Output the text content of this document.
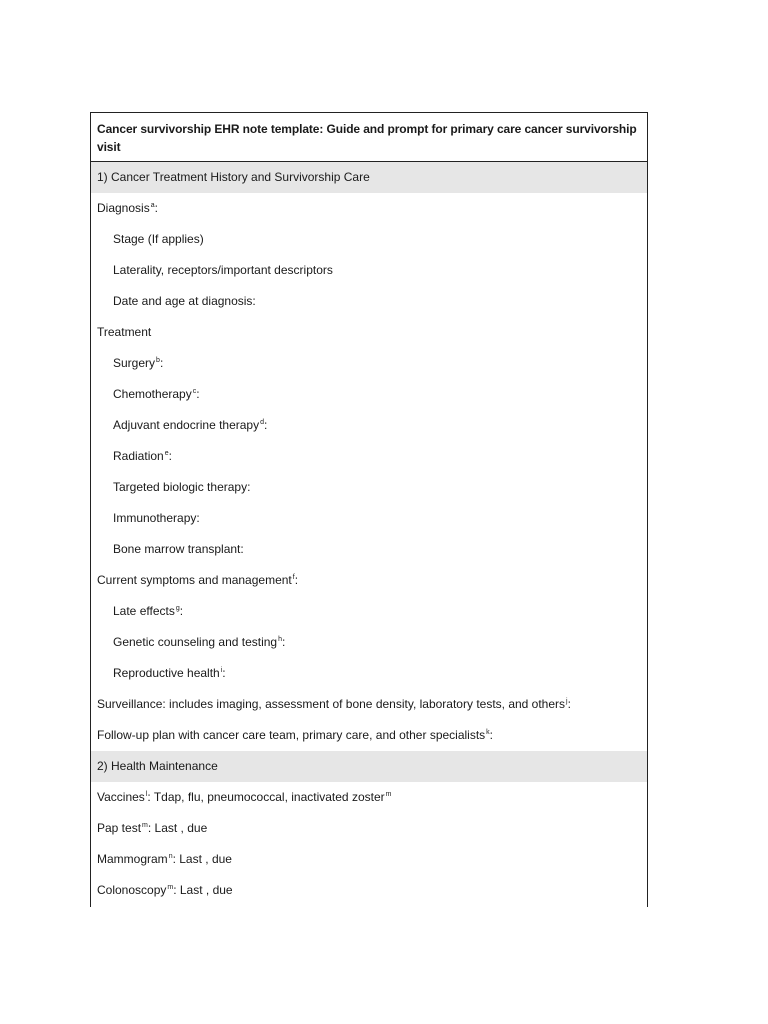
Cancer survivorship EHR note template: Guide and prompt for primary care cancer survivorship visit
1) Cancer Treatment History and Survivorship Care
Diagnosis$^a$:
Stage (If applies)
Laterality, receptors/important descriptors
Date and age at diagnosis:
Treatment
Surgery$^b$:
Chemotherapy$^c$:
Adjuvant endocrine therapy$^d$:
Radiation$^e$:
Targeted biologic therapy:
Immunotherapy:
Bone marrow transplant:
Current symptoms and management$^f$:
Late effects$^g$:
Genetic counseling and testing$^h$:
Reproductive health$^i$:
Surveillance: includes imaging, assessment of bone density, laboratory tests, and others$^j$:
Follow-up plan with cancer care team, primary care, and other specialists$^k$:
2) Health Maintenance
Vaccines$^l$: Tdap, flu, pneumococcal, inactivated zoster$^m$
Pap test$^m$: Last , due
Mammogram$^n$: Last , due
Colonoscopy$^m$: Last , due
